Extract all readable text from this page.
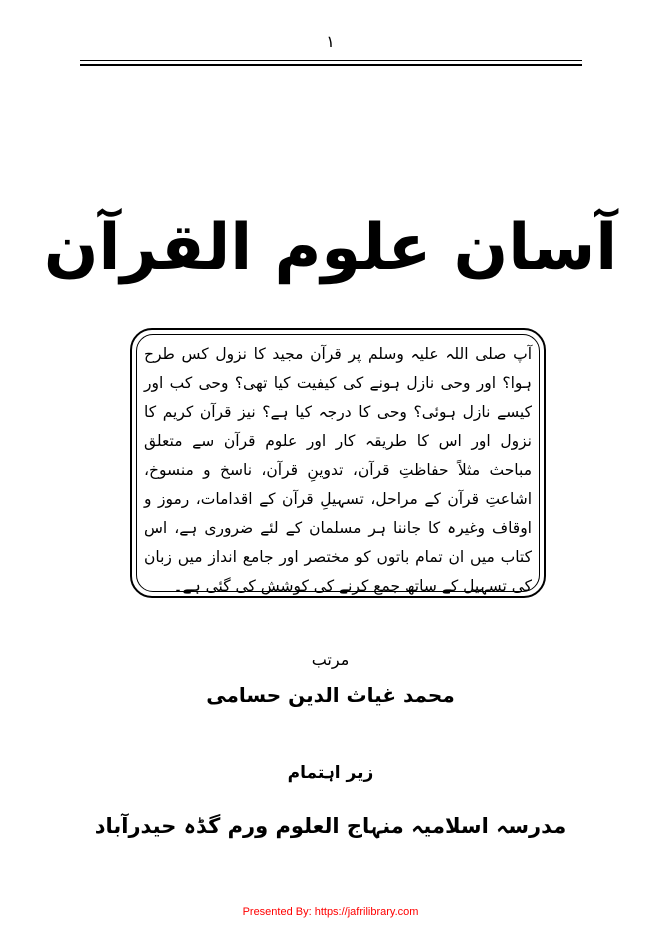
۱
آسان علوم القرآن
آپ صلی اللہ علیہ وسلم پر قرآن مجید کا نزول کس طرح ہوا؟ اور وحی نازل ہونے کی کیفیت کیا تھی؟ وحی کب اور کیسے نازل ہوئی؟ وحی کا درجہ کیا ہے؟ نیز قرآن کریم کا نزول اور اس کا طریقہ کار اور علوم قرآن سے متعلق مباحث مثلاً حفاظتِ قرآن، تدوینِ قرآن، ناسخ و منسوخ، اشاعتِ قرآن کے مراحل، تسہیلِ قرآن کے اقدامات، رموز و اوقاف وغیرہ کا جاننا ہر مسلمان کے لئے ضروری ہے، اس کتاب میں ان تمام باتوں کو مختصر اور جامع انداز میں زبان کی تسہیل کے ساتھ جمع کرنے کی کوشش کی گئی ہے۔
مرتب
محمد غیاث الدین حسامی
زیر اہتمام
مدرسہ اسلامیہ منہاج العلوم ورم گڈہ حیدرآباد
Presented By: https://jafrilibrary.com
